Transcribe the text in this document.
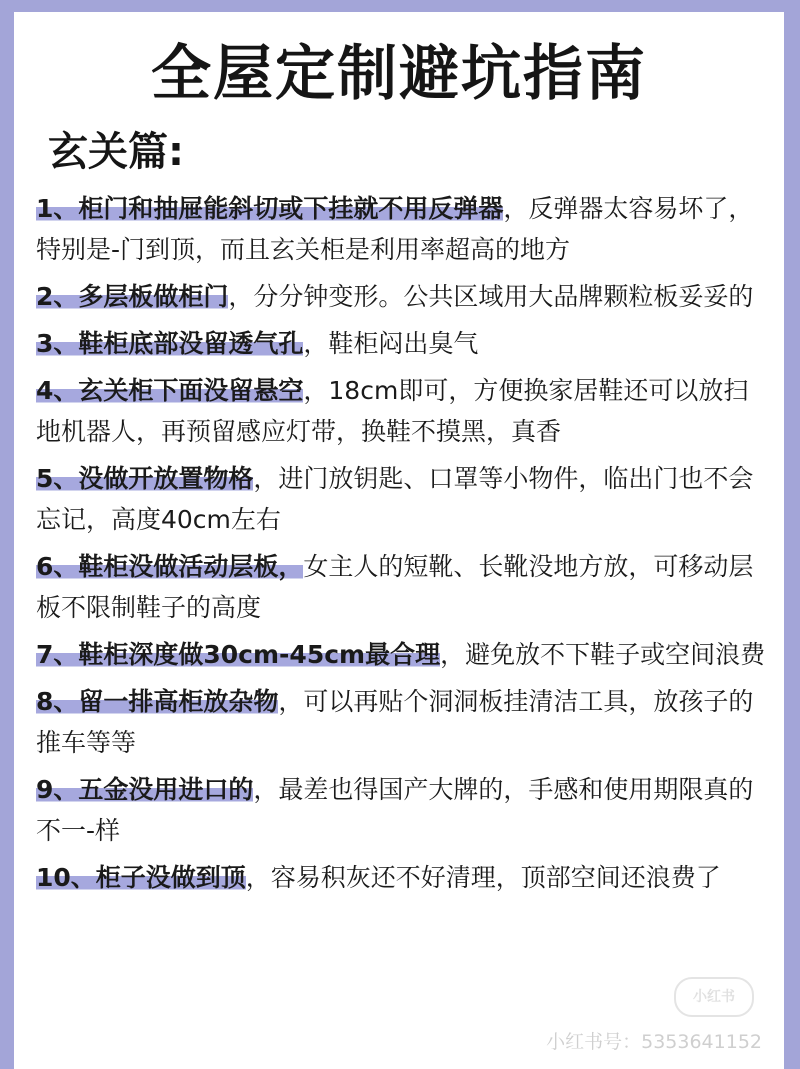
全屋定制避坑指南
玄关篇:
1、柜门和抽屉能斜切或下挂就不用反弹器，反弹器太容易坏了，特别是-门到顶，而且玄关柜是利用率超高的地方
2、多层板做柜门，分分钟变形。公共区域用大品牌颗粒板妥妥的
3、鞋柜底部没留透气孔，鞋柜闷出臭气
4、玄关柜下面没留悬空，18cm即可，方便换家居鞋还可以放扫地机器人，再预留感应灯带，换鞋不摸黑，真香
5、没做开放置物格，进门放钥匙、口罩等小物件，临出门也不会忘记，高度40cm左右
6、鞋柜没做活动层板，女主人的短靴、长靴没地方放，可移动层板不限制鞋子的高度
7、鞋柜深度做30cm-45cm最合理，避免放不下鞋子或空间浪费
8、留一排高柜放杂物，可以再贴个洞洞板挂清洁工具，放孩子的推车等等
9、五金没用进口的，最差也得国产大牌的，手感和使用期限真的不一-样
10、柜子没做到顶，容易积灰还不好清理，顶部空间还浪费了
小红书
小红书号：5353641152
